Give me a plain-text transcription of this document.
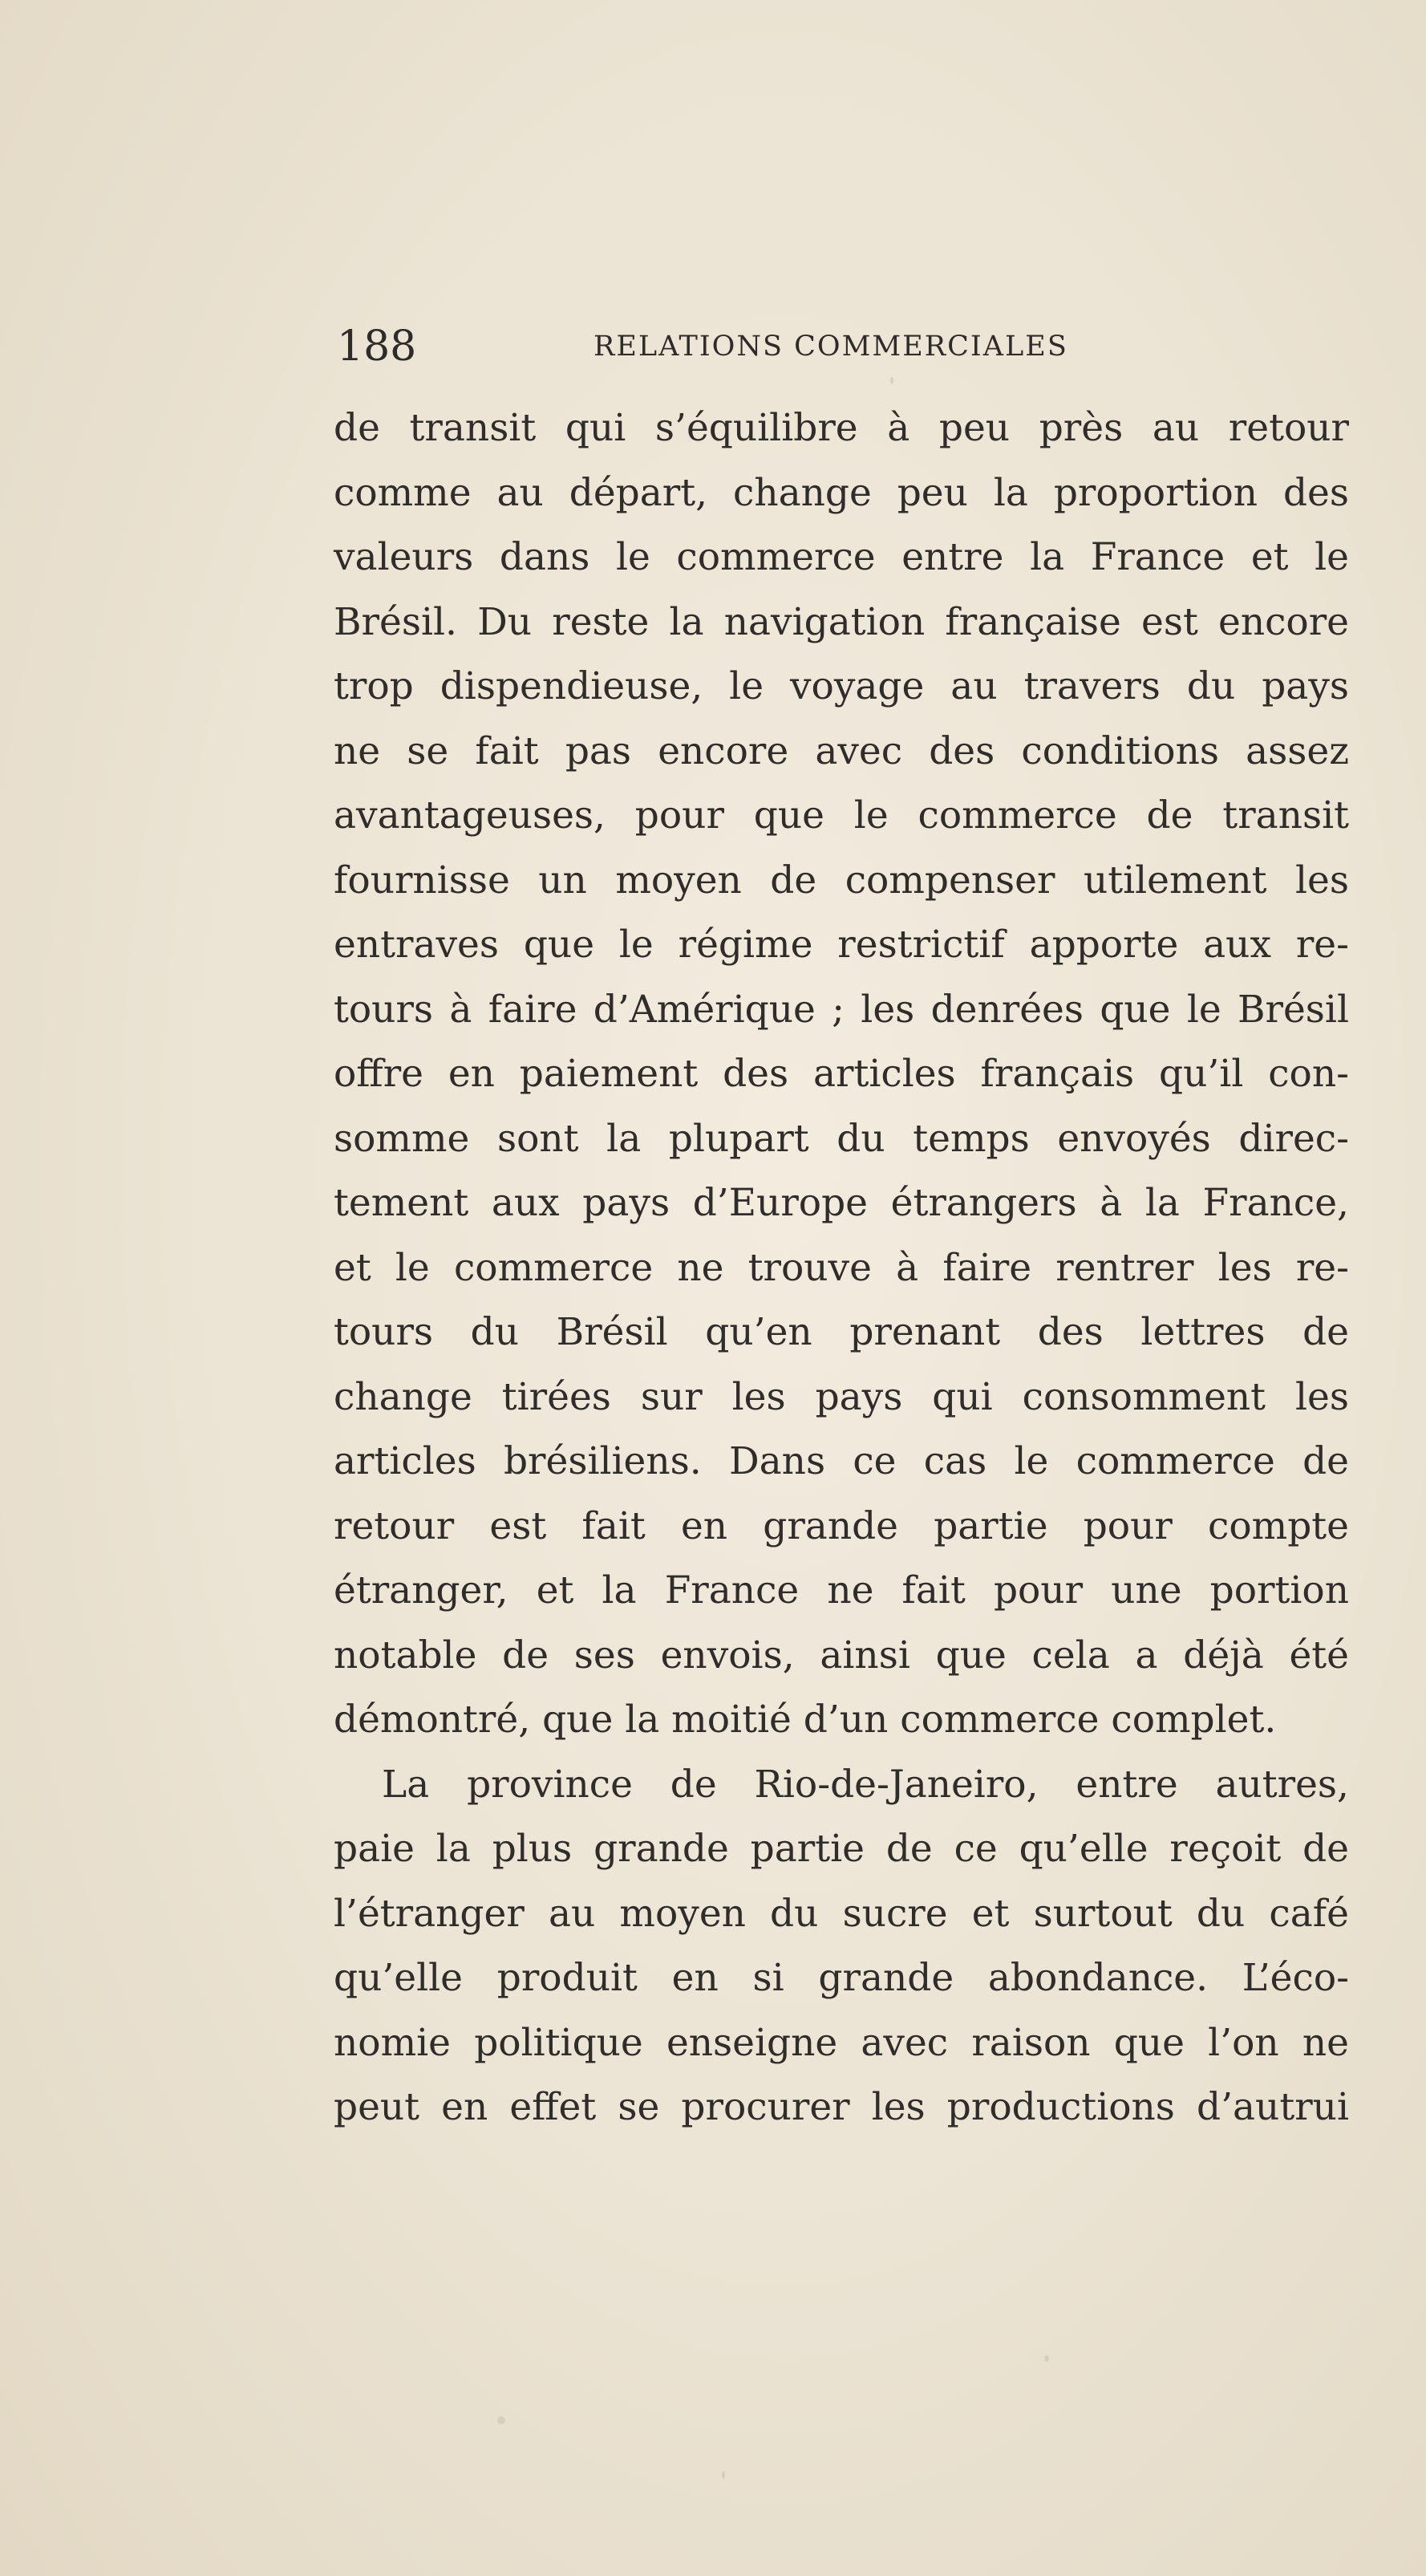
188	RELATIONS COMMERCIALES
de transit qui s’équilibre à peu près au retour
comme au départ, change peu la proportion des
valeurs dans le commerce entre la France et le
Brésil. Du reste la navigation française est encore
trop dispendieuse, le voyage au travers du pays
ne se fait pas encore avec des conditions assez
avantageuses, pour que le commerce de transit
fournisse un moyen de compenser utilement les
entraves que le régime restrictif apporte aux re-
tours à faire d’Amérique ; les denrées que le Brésil
offre en paiement des articles français qu’il con-
somme sont la plupart du temps envoyés direc-
tement aux pays d’Europe étrangers à la France,
et le commerce ne trouve à faire rentrer les re-
tours du Brésil qu’en prenant des lettres de
change tirées sur les pays qui consomment les
articles brésiliens. Dans ce cas le commerce de
retour est fait en grande partie pour compte
étranger, et la France ne fait pour une portion
notable de ses envois, ainsi que cela a déjà été
démontré, que la moitié d’un commerce complet.
La province de Rio-de-Janeiro, entre autres,
paie la plus grande partie de ce qu’elle reçoit de
l’étranger au moyen du sucre et surtout du café
qu’elle produit en si grande abondance. L’éco-
nomie politique enseigne avec raison que l’on ne
peut en effet se procurer les productions d’autrui
